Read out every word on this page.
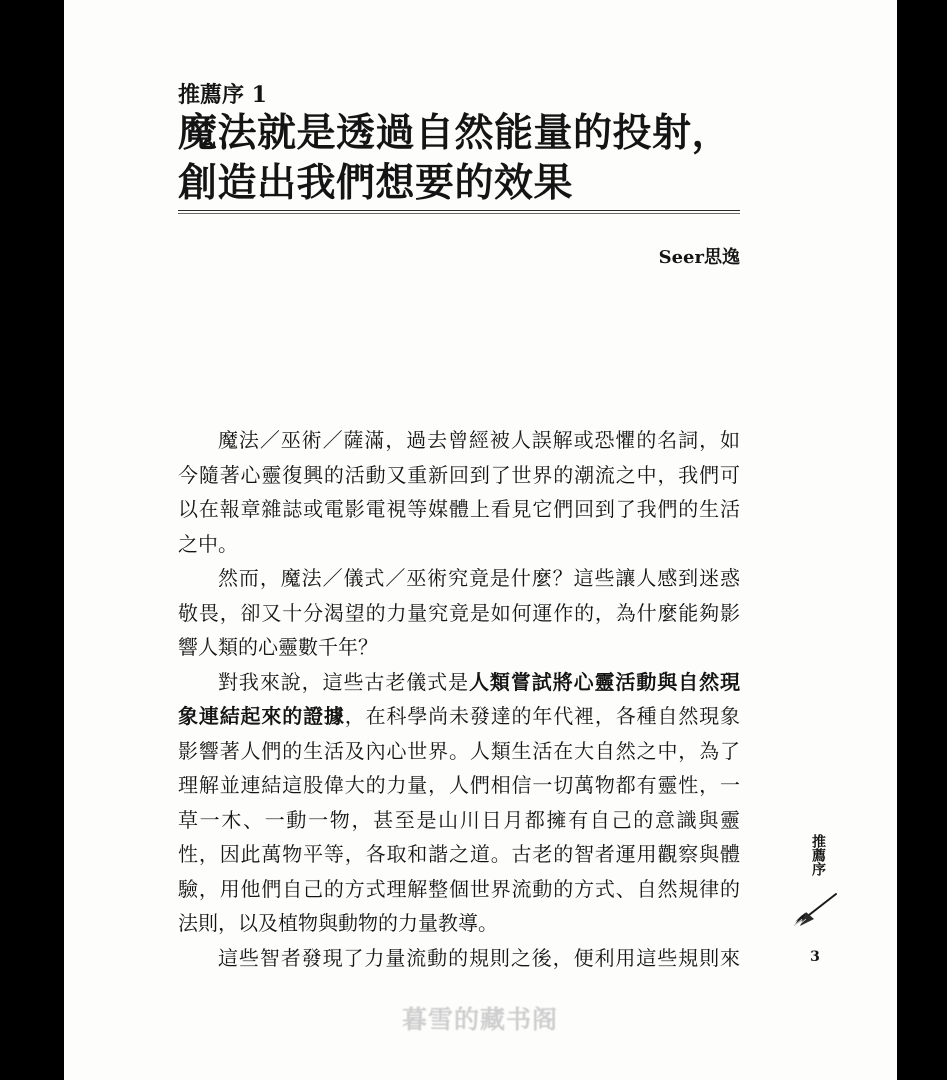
推薦序 1
魔法就是透過自然能量的投射，
創造出我們想要的效果
Seer思逸
魔法／巫術／薩滿，過去曾經被人誤解或恐懼的名詞，如
今隨著心靈復興的活動又重新回到了世界的潮流之中，我們可
以在報章雜誌或電影電視等媒體上看見它們回到了我們的生活
之中。
然而，魔法／儀式／巫術究竟是什麼？這些讓人感到迷惑
敬畏，卻又十分渴望的力量究竟是如何運作的，為什麼能夠影
響人類的心靈數千年？
對我來說，這些古老儀式是人類嘗試將心靈活動與自然現
象連結起來的證據，在科學尚未發達的年代裡，各種自然現象
影響著人們的生活及內心世界。人類生活在大自然之中，為了
理解並連結這股偉大的力量，人們相信一切萬物都有靈性，一
草一木、一動一物，甚至是山川日月都擁有自己的意識與靈
性，因此萬物平等，各取和諧之道。古老的智者運用觀察與體
驗，用他們自己的方式理解整個世界流動的方式、自然規律的
法則，以及植物與動物的力量教導。
這些智者發現了力量流動的規則之後，便利用這些規則來
推薦序
3
暮雪的藏书阁
